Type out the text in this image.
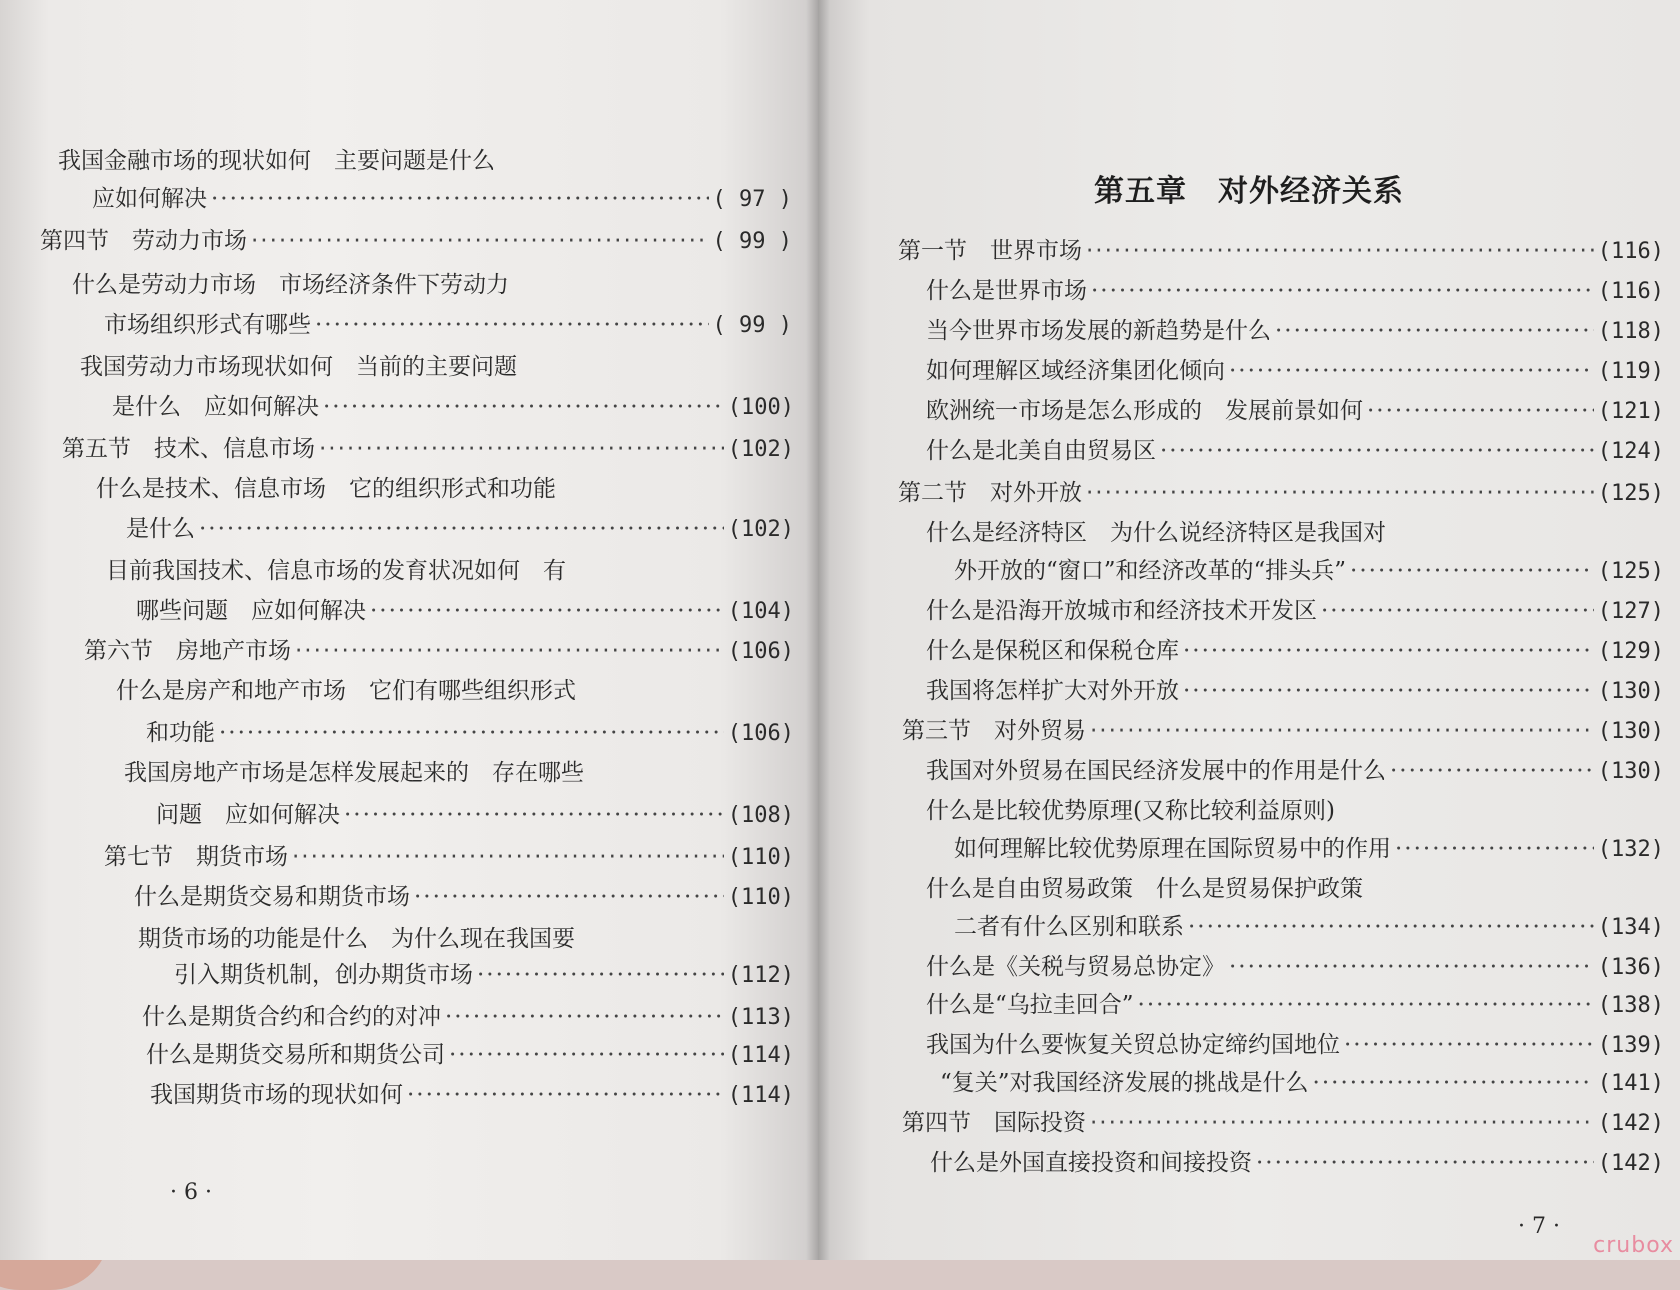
我国金融市场的现状如何　主要问题是什么
应如何解决 ·····	( 97 )
第四节　劳动力市场 ·····	( 99 )
什么是劳动力市场　市场经济条件下劳动力
市场组织形式有哪些 ·····	( 99 )
我国劳动力市场现状如何　当前的主要问题
是什么　应如何解决 ·····	(100)
第五节　技术、信息市场 ·····	(102)
什么是技术、信息市场　它的组织形式和功能
是什么 ·····	(102)
目前我国技术、信息市场的发育状况如何　有
哪些问题　应如何解决 ·····	(104)
第六节　房地产市场 ·····	(106)
什么是房产和地产市场　它们有哪些组织形式
和功能 ·····	(106)
我国房地产市场是怎样发展起来的　存在哪些
问题　应如何解决 ·····	(108)
第七节　期货市场 ·····	(110)
什么是期货交易和期货市场 ·····	(110)
期货市场的功能是什么　为什么现在我国要
引入期货机制，创办期货市场 ·····	(112)
什么是期货合约和合约的对冲 ·····	(113)
什么是期货交易所和期货公司 ·····	(114)
我国期货市场的现状如何 ·····	(114)
· 6 ·
第五章　对外经济关系
第一节　世界市场 ·····	(116)
什么是世界市场 ·····	(116)
当今世界市场发展的新趋势是什么 ·····	(118)
如何理解区域经济集团化倾向 ·····	(119)
欧洲统一市场是怎么形成的　发展前景如何 ·····	(121)
什么是北美自由贸易区 ·····	(124)
第二节　对外开放 ·····	(125)
什么是经济特区　为什么说经济特区是我国对
外开放的“窗口”和经济改革的“排头兵” ·····	(125)
什么是沿海开放城市和经济技术开发区 ·····	(127)
什么是保税区和保税仓库 ·····	(129)
我国将怎样扩大对外开放 ·····	(130)
第三节　对外贸易 ·····	(130)
我国对外贸易在国民经济发展中的作用是什么 ·····	(130)
什么是比较优势原理(又称比较利益原则)
如何理解比较优势原理在国际贸易中的作用 ·····	(132)
什么是自由贸易政策　什么是贸易保护政策
二者有什么区别和联系 ·····	(134)
什么是《关税与贸易总协定》 ·····	(136)
什么是“乌拉圭回合” ·····	(138)
我国为什么要恢复关贸总协定缔约国地位 ·····	(139)
“复关”对我国经济发展的挑战是什么 ·····	(141)
第四节　国际投资 ·····	(142)
什么是外国直接投资和间接投资 ·····	(142)
· 7 ·
crubox
